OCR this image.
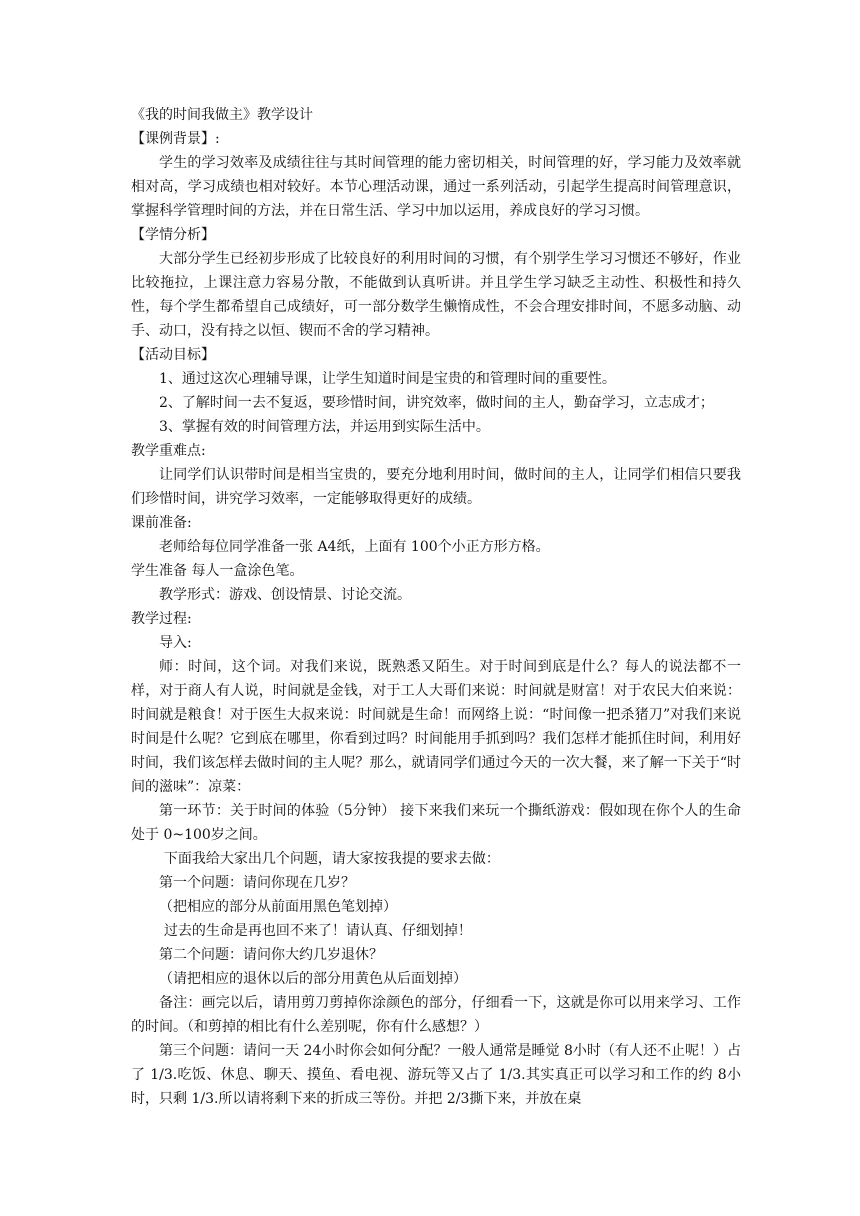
《我的时间我做主》教学设计

【课例背景】:

学生的学习效率及成绩往往与其时间管理的能力密切相关，时间管理的好，学习能力及效率就相对高，学习成绩也相对较好。本节心理活动课，通过一系列活动，引起学生提高时间管理意识，掌握科学管理时间的方法，并在日常生活、学习中加以运用，养成良好的学习习惯。

【学情分析】

大部分学生已经初步形成了比较良好的利用时间的习惯，有个别学生学习习惯还不够好，作业比较拖拉，上课注意力容易分散，不能做到认真听讲。并且学生学习缺乏主动性、积极性和持久性，每个学生都希望自己成绩好，可一部分数学生懒惰成性，不会合理安排时间，不愿多动脑、动手、动口，没有持之以恒、锲而不舍的学习精神。

【活动目标】

1、通过这次心理辅导课，让学生知道时间是宝贵的和管理时间的重要性。

2、了解时间一去不复返，要珍惜时间，讲究效率，做时间的主人，勤奋学习，立志成才；

3、掌握有效的时间管理方法，并运用到实际生活中。

教学重难点:

让同学们认识带时间是相当宝贵的，要充分地利用时间，做时间的主人，让同学们相信只要我们珍惜时间，讲究学习效率，一定能够取得更好的成绩。

课前准备:

老师给每位同学准备一张 A4纸，上面有 100个小正方形方格。

学生准备 每人一盒涂色笔。

教学形式：游戏、创设情景、讨论交流。

教学过程:

导入:

师：时间，这个词。对我们来说，既熟悉又陌生。对于时间到底是什么？每人的说法都不一样，对于商人有人说，时间就是金钱，对于工人大哥们来说：时间就是财富！对于农民大伯来说：时间就是粮食！对于医生大叔来说：时间就是生命！而网络上说：“时间像一把杀猪刀”对我们来说时间是什么呢？它到底在哪里，你看到过吗？时间能用手抓到吗？我们怎样才能抓住时间，利用好时间，我们该怎样去做时间的主人呢？那么，就请同学们通过今天的一次大餐，来了解一下关于“时间的滋味”：凉菜：

第一环节：关于时间的体验（5分钟） 接下来我们来玩一个撕纸游戏：假如现在你个人的生命处于 0~100岁之间。

下面我给大家出几个问题，请大家按我提的要求去做：

第一个问题：请问你现在几岁？

（把相应的部分从前面用黑色笔划掉）

过去的生命是再也回不来了！请认真、仔细划掉！

第二个问题：请问你大约几岁退休？

（请把相应的退休以后的部分用黄色从后面划掉）

备注：画完以后，请用剪刀剪掉你涂颜色的部分，仔细看一下，这就是你可以用来学习、工作的时间。（和剪掉的相比有什么差别呢，你有什么感想？）

第三个问题：请问一天 24小时你会如何分配？一般人通常是睡觉 8小时（有人还不止呢！）占了 1/3.吃饭、休息、聊天、摸鱼、看电视、游玩等又占了 1/3.其实真正可以学习和工作的约 8小时，只剩 1/3.所以请将剩下来的折成三等份。并把 2/3撕下来，并放在桌
